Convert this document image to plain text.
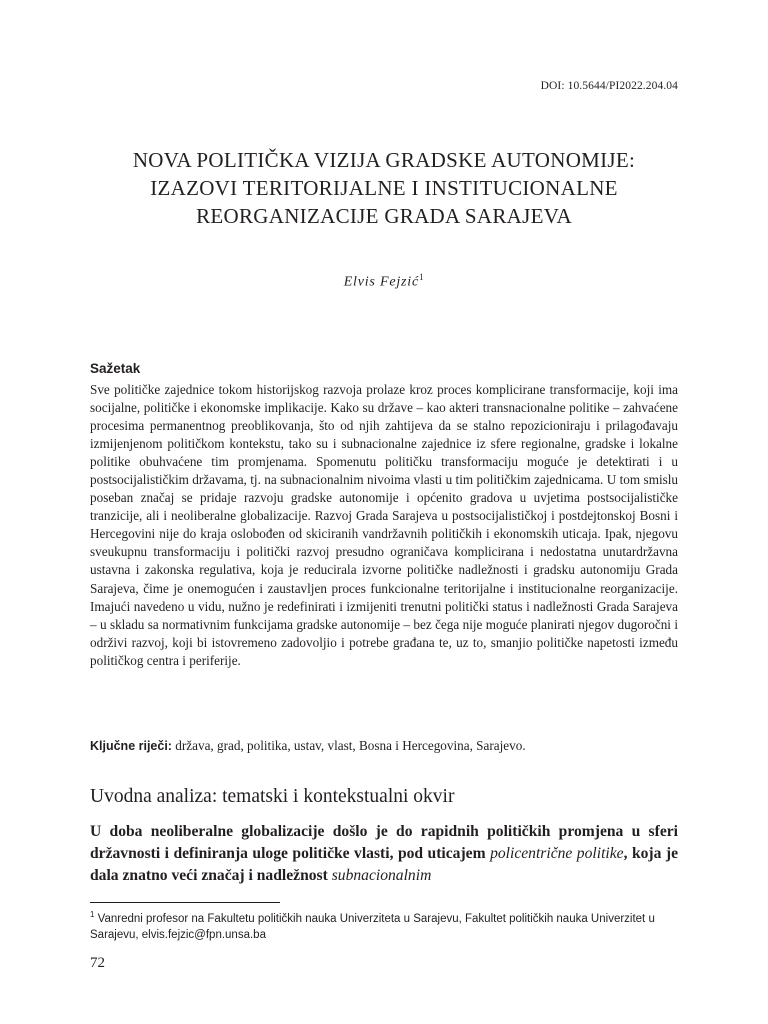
DOI: 10.5644/PI2022.204.04
NOVA POLITIČKA VIZIJA GRADSKE AUTONOMIJE:
IZAZOVI TERITORIJALNE I INSTITUCIONALNE
REORGANIZACIJE GRADA SARAJEVA
Elvis Fejzić$^1$
Sažetak

Sve političke zajednice tokom historijskog razvoja prolaze kroz proces komplicirane transformacije, koji ima socijalne, političke i ekonomske implikacije. Kako su države – kao akteri transnacionalne politike – zahvaćene procesima permanentnog preoblikovanja, što od njih zahtijeva da se stalno repozicioniraju i prilagođavaju izmijenjenom političkom kontekstu, tako su i subnacionalne zajednice iz sfere regionalne, gradske i lokalne politike obuhvaćene tim promjenama. Spomenutu političku transformaciju moguće je detektirati i u postsocijalističkim državama, tj. na subnacionalnim nivoima vlasti u tim političkim zajednicama. U tom smislu poseban značaj se pridaje razvoju gradske autonomije i općenito gradova u uvjetima postsocijalističke tranzicije, ali i neoliberalne globalizacije. Razvoj Grada Sarajeva u postsocijalističkoj i postdejtonskoj Bosni i Hercegovini nije do kraja oslobođen od skiciranih vandržavnih političkih i ekonomskih uticaja. Ipak, njegovu sveukupnu transformaciju i politički razvoj presudno ograničava komplicirana i nedostatna unutardržavna ustavna i zakonska regulativa, koja je reducirala izvorne političke nadležnosti i gradsku autonomiju Grada Sarajeva, čime je onemogućen i zaustavljen proces funkcionalne teritorijalne i institucionalne reorganizacije. Imajući navedeno u vidu, nužno je redefinirati i izmijeniti trenutni politički status i nadležnosti Grada Sarajeva – u skladu sa normativnim funkcijama gradske autonomije – bez čega nije moguće planirati njegov dugoročni i održivi razvoj, koji bi istovremeno zadovoljio i potrebe građana te, uz to, smanjio političke napetosti između političkog centra i periferije.

Ključne riječi: država, grad, politika, ustav, vlast, Bosna i Hercegovina, Sarajevo.
Uvodna analiza: tematski i kontekstualni okvir

U doba neoliberalne globalizacije došlo je do rapidnih političkih promjena u sferi državnosti i definiranja uloge političke vlasti, pod uticajem policentrične politike, koja je dala znatno veći značaj i nadležnost subnacionalnim

$^1$ Vanredni profesor na Fakultetu političkih nauka Univerziteta u Sarajevu, Fakultet političkih nauka Univerzitet u Sarajevu, elvis.fejzic@fpn.unsa.ba
72
